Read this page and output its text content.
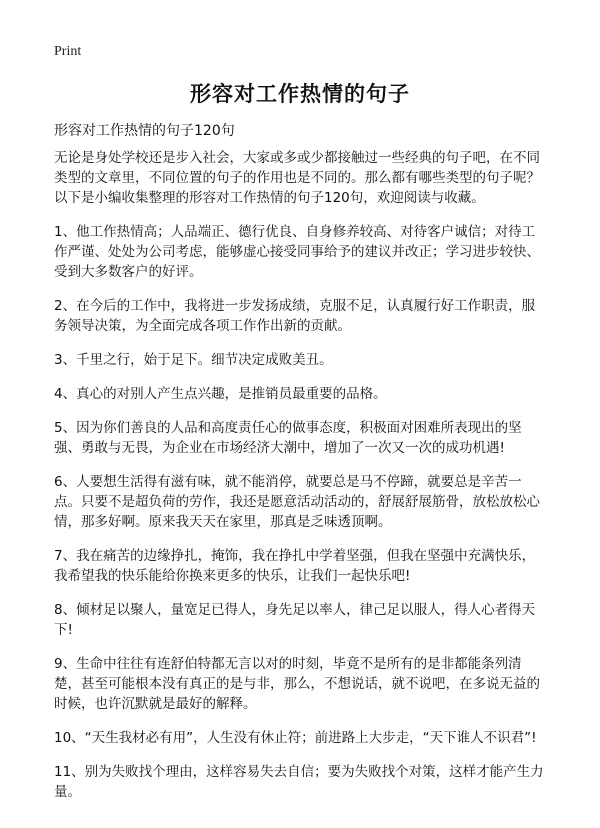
Print
形容对工作热情的句子

形容对工作热情的句子120句

无论是身处学校还是步入社会，大家或多或少都接触过一些经典的句子吧，在不同类型的文章里，不同位置的句子的作用也是不同的。那么都有哪些类型的句子呢？以下是小编收集整理的形容对工作热情的句子120句，欢迎阅读与收藏。

1、他工作热情高；人品端正、德行优良、自身修养较高、对待客户诚信；对待工作严谨、处处为公司考虑，能够虚心接受同事给予的建议并改正；学习进步较快、受到大多数客户的好评。

2、在今后的工作中，我将进一步发扬成绩，克服不足，认真履行好工作职责，服务领导决策，为全面完成各项工作作出新的贡献。

3、千里之行，始于足下。细节决定成败美丑。

4、真心的对别人产生点兴趣，是推销员最重要的品格。

5、因为你们善良的人品和高度责任心的做事态度，积极面对困难所表现出的坚强、勇敢与无畏，为企业在市场经济大潮中，增加了一次又一次的成功机遇!

6、人要想生活得有滋有味，就不能消停，就要总是马不停蹄，就要总是辛苦一点。只要不是超负荷的劳作，我还是愿意活动活动的，舒展舒展筋骨，放松放松心情，那多好啊。原来我天天在家里，那真是乏味透顶啊。

7、我在痛苦的边缘挣扎，掩饰，我在挣扎中学着坚强，但我在坚强中充满快乐，我希望我的快乐能给你换来更多的快乐，让我们一起快乐吧!

8、倾材足以聚人，量宽足已得人，身先足以率人，律己足以服人，得人心者得天下!

9、生命中往往有连舒伯特都无言以对的时刻，毕竟不是所有的是非都能条列清楚，甚至可能根本没有真正的是与非，那么，不想说话，就不说吧，在多说无益的时候，也许沉默就是最好的解释。

10、“天生我材必有用”，人生没有休止符；前进路上大步走，“天下谁人不识君”!

11、别为失败找个理由，这样容易失去自信；要为失败找个对策，这样才能产生力量。
